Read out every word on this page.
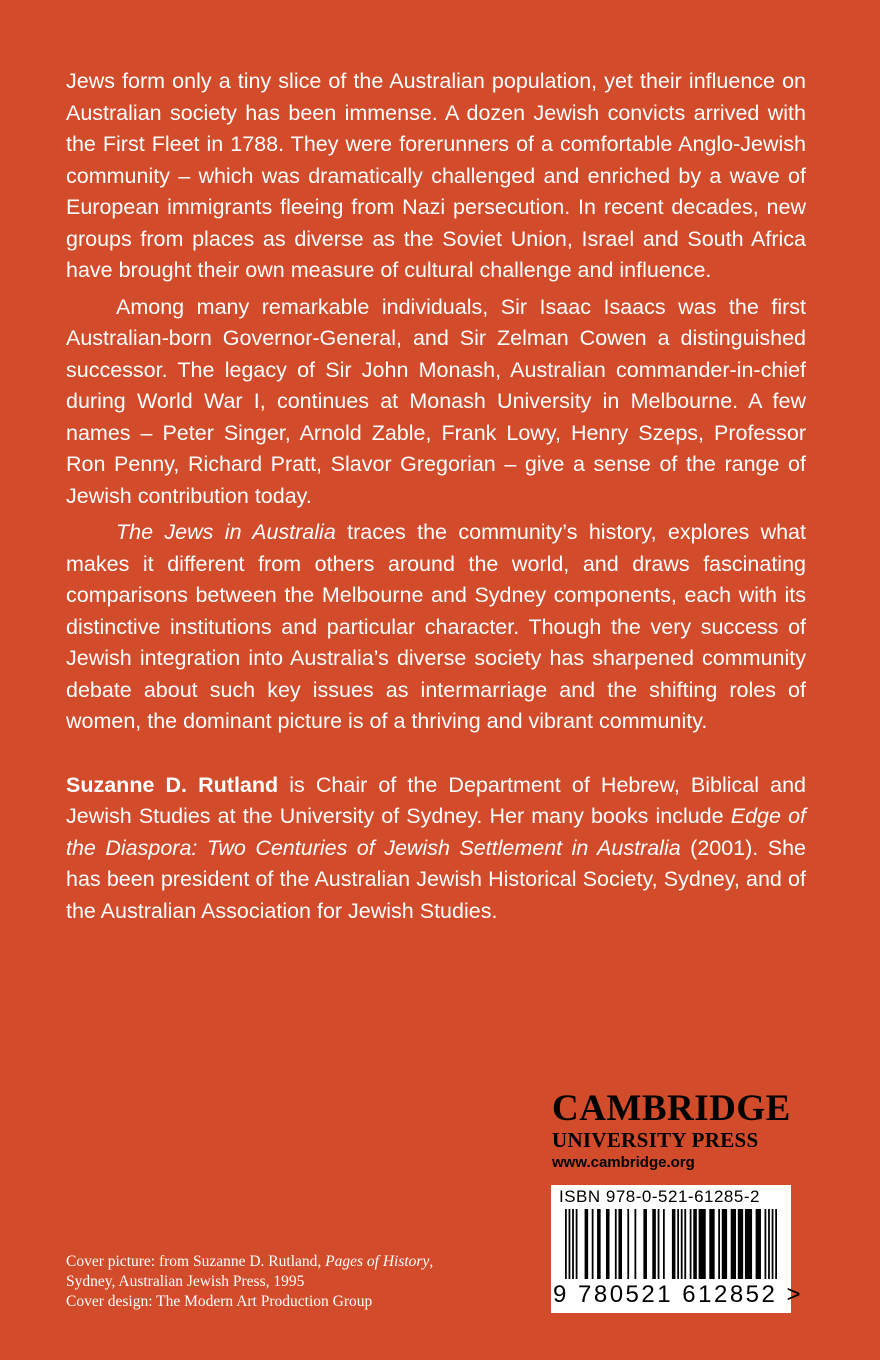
Jews form only a tiny slice of the Australian population, yet their influence on Australian society has been immense. A dozen Jewish convicts arrived with the First Fleet in 1788. They were forerunners of a comfortable Anglo-Jewish community – which was dramatically challenged and enriched by a wave of European immigrants fleeing from Nazi persecution. In recent decades, new groups from places as diverse as the Soviet Union, Israel and South Africa have brought their own measure of cultural challenge and influence.

Among many remarkable individuals, Sir Isaac Isaacs was the first Australian-born Governor-General, and Sir Zelman Cowen a distinguished successor. The legacy of Sir John Monash, Australian commander-in-chief during World War I, continues at Monash University in Melbourne. A few names – Peter Singer, Arnold Zable, Frank Lowy, Henry Szeps, Professor Ron Penny, Richard Pratt, Slavor Gregorian – give a sense of the range of Jewish contribution today.

The Jews in Australia traces the community’s history, explores what makes it different from others around the world, and draws fascinating comparisons between the Melbourne and Sydney components, each with its distinctive institutions and particular character. Though the very success of Jewish integration into Australia’s diverse society has sharpened community debate about such key issues as intermarriage and the shifting roles of women, the dominant picture is of a thriving and vibrant community.

Suzanne D. Rutland is Chair of the Department of Hebrew, Biblical and Jewish Studies at the University of Sydney. Her many books include Edge of the Diaspora: Two Centuries of Jewish Settlement in Australia (2001). She has been president of the Australian Jewish Historical Society, Sydney, and of the Australian Association for Jewish Studies.

CAMBRIDGE
UNIVERSITY PRESS
www.cambridge.org
ISBN 978-0-521-61285-2
9 780521 612852 >
Cover picture: from Suzanne D. Rutland, Pages of History,
Sydney, Australian Jewish Press, 1995
Cover design: The Modern Art Production Group
